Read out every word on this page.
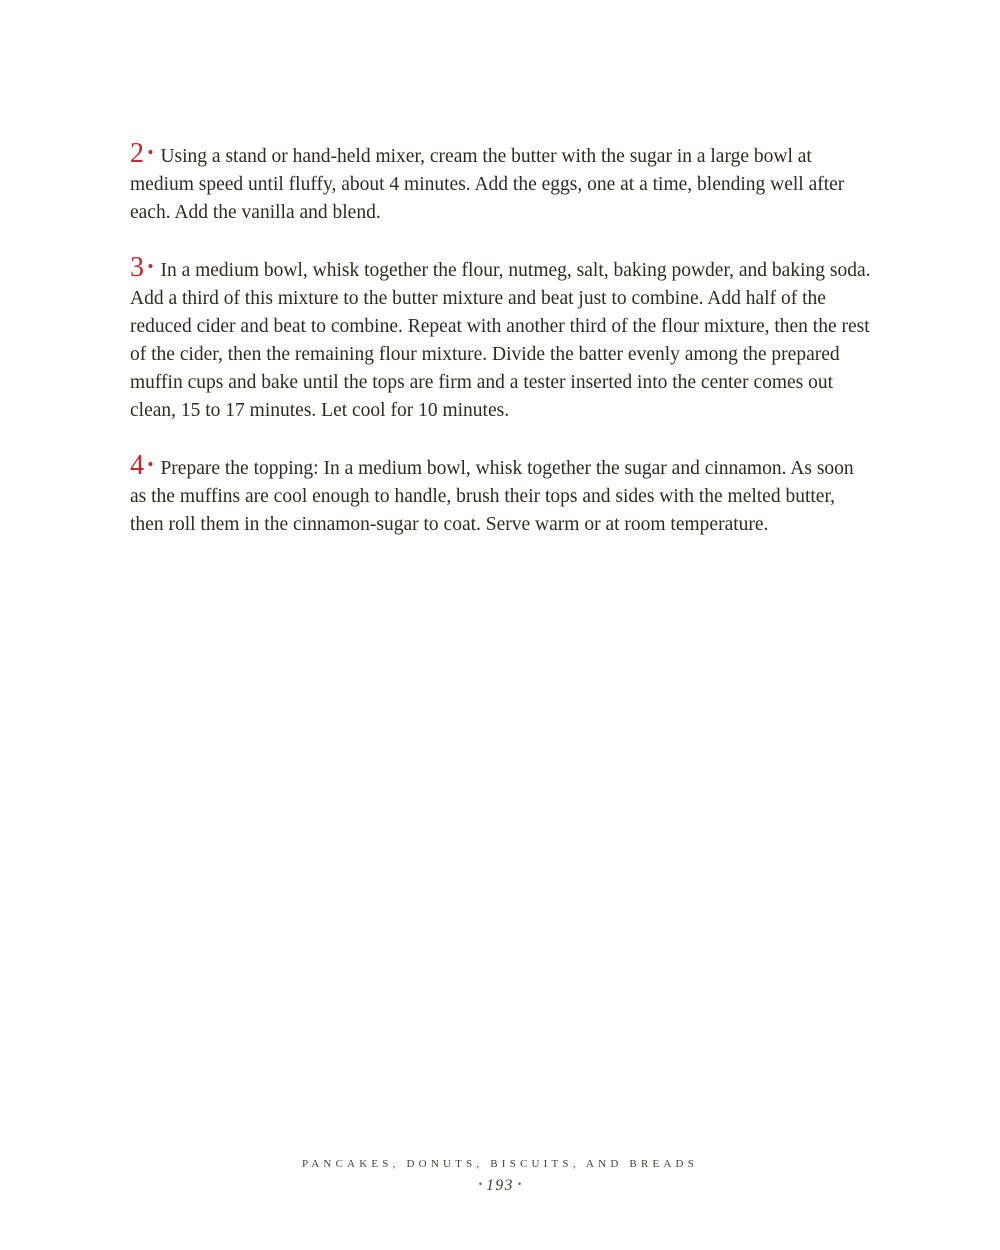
2 • Using a stand or hand-held mixer, cream the butter with the sugar in a large bowl at medium speed until fluffy, about 4 minutes. Add the eggs, one at a time, blending well after each. Add the vanilla and blend.

3 • In a medium bowl, whisk together the flour, nutmeg, salt, baking powder, and baking soda. Add a third of this mixture to the butter mixture and beat just to combine. Add half of the reduced cider and beat to combine. Repeat with another third of the flour mixture, then the rest of the cider, then the remaining flour mixture. Divide the batter evenly among the prepared muffin cups and bake until the tops are firm and a tester inserted into the center comes out clean, 15 to 17 minutes. Let cool for 10 minutes.

4 • Prepare the topping: In a medium bowl, whisk together the sugar and cinnamon. As soon as the muffins are cool enough to handle, brush their tops and sides with the melted butter, then roll them in the cinnamon-sugar to coat. Serve warm or at room temperature.

PANCAKES, DONUTS, BISCUITS, AND BREADS
• 193 •
